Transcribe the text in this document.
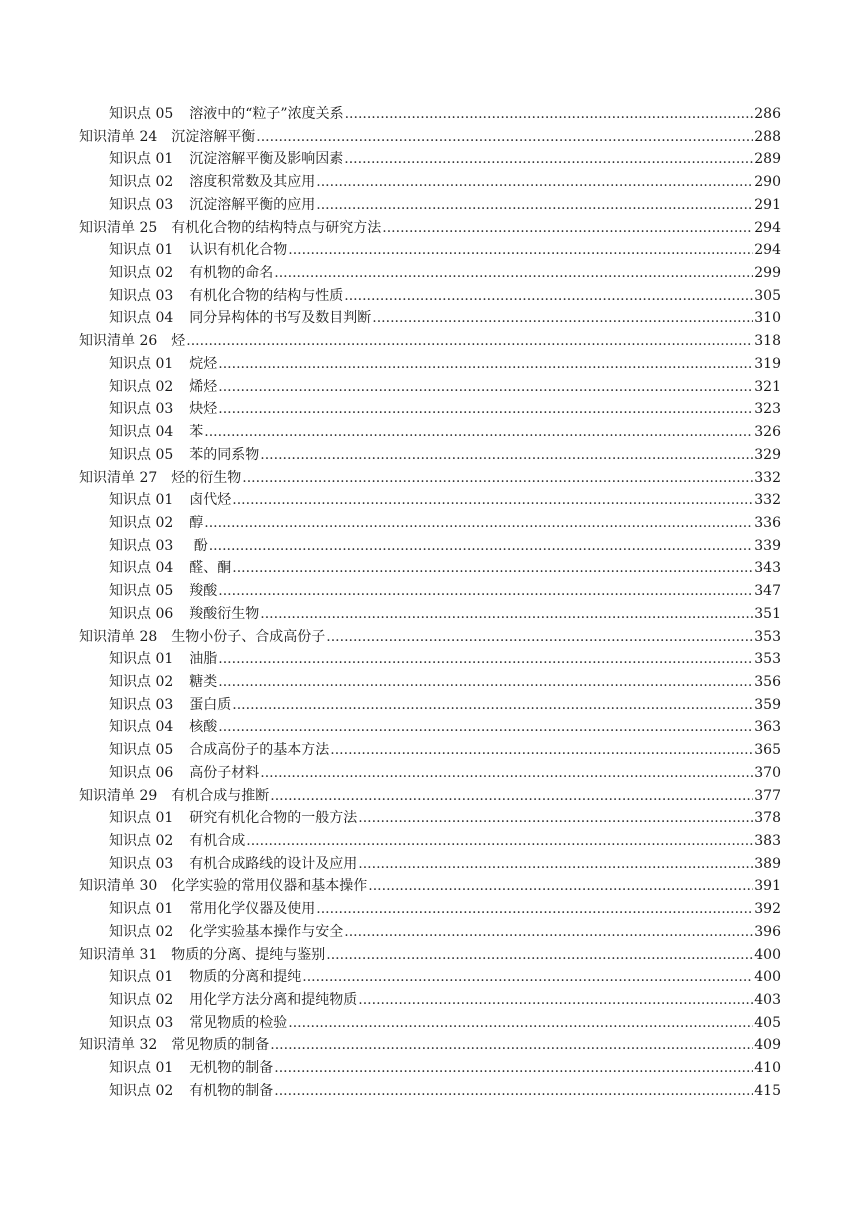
知识点 05 溶液中的“粒子”浓度关系 .....	286
知识清单 24 沉淀溶解平衡 .....	288
知识点 01 沉淀溶解平衡及影响因素 .....	289
知识点 02 溶度积常数及其应用 .....	290
知识点 03 沉淀溶解平衡的应用 .....	291
知识清单 25 有机化合物的结构特点与研究方法 .....	294
知识点 01 认识有机化合物 .....	294
知识点 02 有机物的命名 .....	299
知识点 03 有机化合物的结构与性质 .....	305
知识点 04 同分异构体的书写及数目判断 .....	310
知识清单 26 烃 .....	318
知识点 01 烷烃 .....	319
知识点 02 烯烃 .....	321
知识点 03 炔烃 .....	323
知识点 04 苯 .....	326
知识点 05 苯的同系物 .....	329
知识清单 27 烃的衍生物 .....	332
知识点 01 卤代烃 .....	332
知识点 02 醇 .....	336
知识点 03 酚 .....	339
知识点 04 醛、酮 .....	343
知识点 05 羧酸 .....	347
知识点 06 羧酸衍生物 .....	351
知识清单 28 生物小份子、合成高份子 .....	353
知识点 01 油脂 .....	353
知识点 02 糖类 .....	356
知识点 03 蛋白质 .....	359
知识点 04 核酸 .....	363
知识点 05 合成高份子的基本方法 .....	365
知识点 06 高份子材料 .....	370
知识清单 29 有机合成与推断 .....	377
知识点 01 研究有机化合物的一般方法 .....	378
知识点 02 有机合成 .....	383
知识点 03 有机合成路线的设计及应用 .....	389
知识清单 30 化学实验的常用仪器和基本操作 .....	391
知识点 01 常用化学仪器及使用 .....	392
知识点 02 化学实验基本操作与安全 .....	396
知识清单 31 物质的分离、提纯与鉴别 .....	400
知识点 01 物质的分离和提纯 .....	400
知识点 02 用化学方法分离和提纯物质 .....	403
知识点 03 常见物质的检验 .....	405
知识清单 32 常见物质的制备 .....	409
知识点 01 无机物的制备 .....	410
知识点 02 有机物的制备 .....	415
